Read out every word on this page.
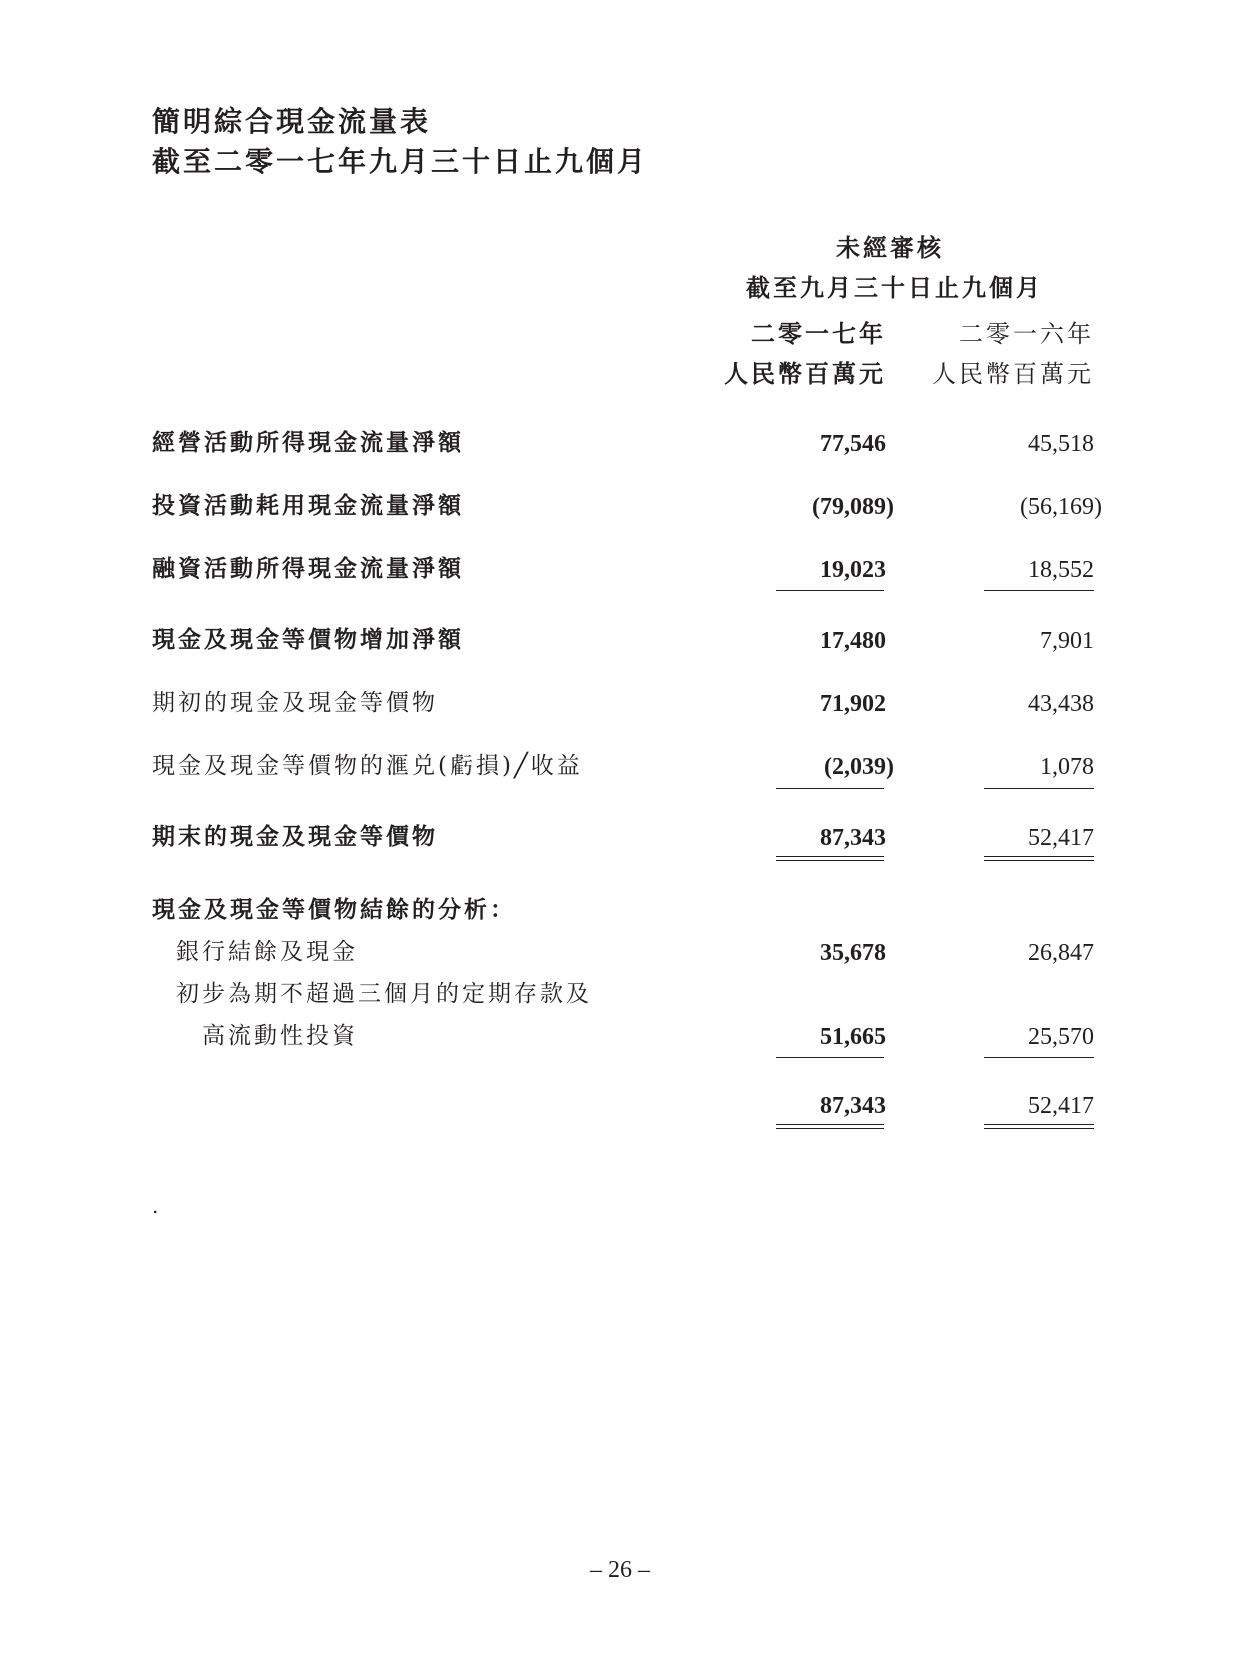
簡明綜合現金流量表
截至二零一七年九月三十日止九個月
未經審核
截至九月三十日止九個月
二零一七年	二零一六年
人民幣百萬元 人民幣百萬元
經營活動所得現金流量淨額	77,546	45,518
投資活動耗用現金流量淨額	(79,089)	(56,169)
融資活動所得現金流量淨額	19,023	18,552
現金及現金等價物增加淨額	17,480	7,901
期初的現金及現金等價物	71,902	43,438
現金及現金等價物的滙兑(虧損)╱收益	(2,039)	1,078
期末的現金及現金等價物	87,343	52,417
現金及現金等價物結餘的分析：
銀行結餘及現金	35,678	26,847
初步為期不超過三個月的定期存款及
高流動性投資	51,665	25,570
87,343	52,417
.
– 26 –
